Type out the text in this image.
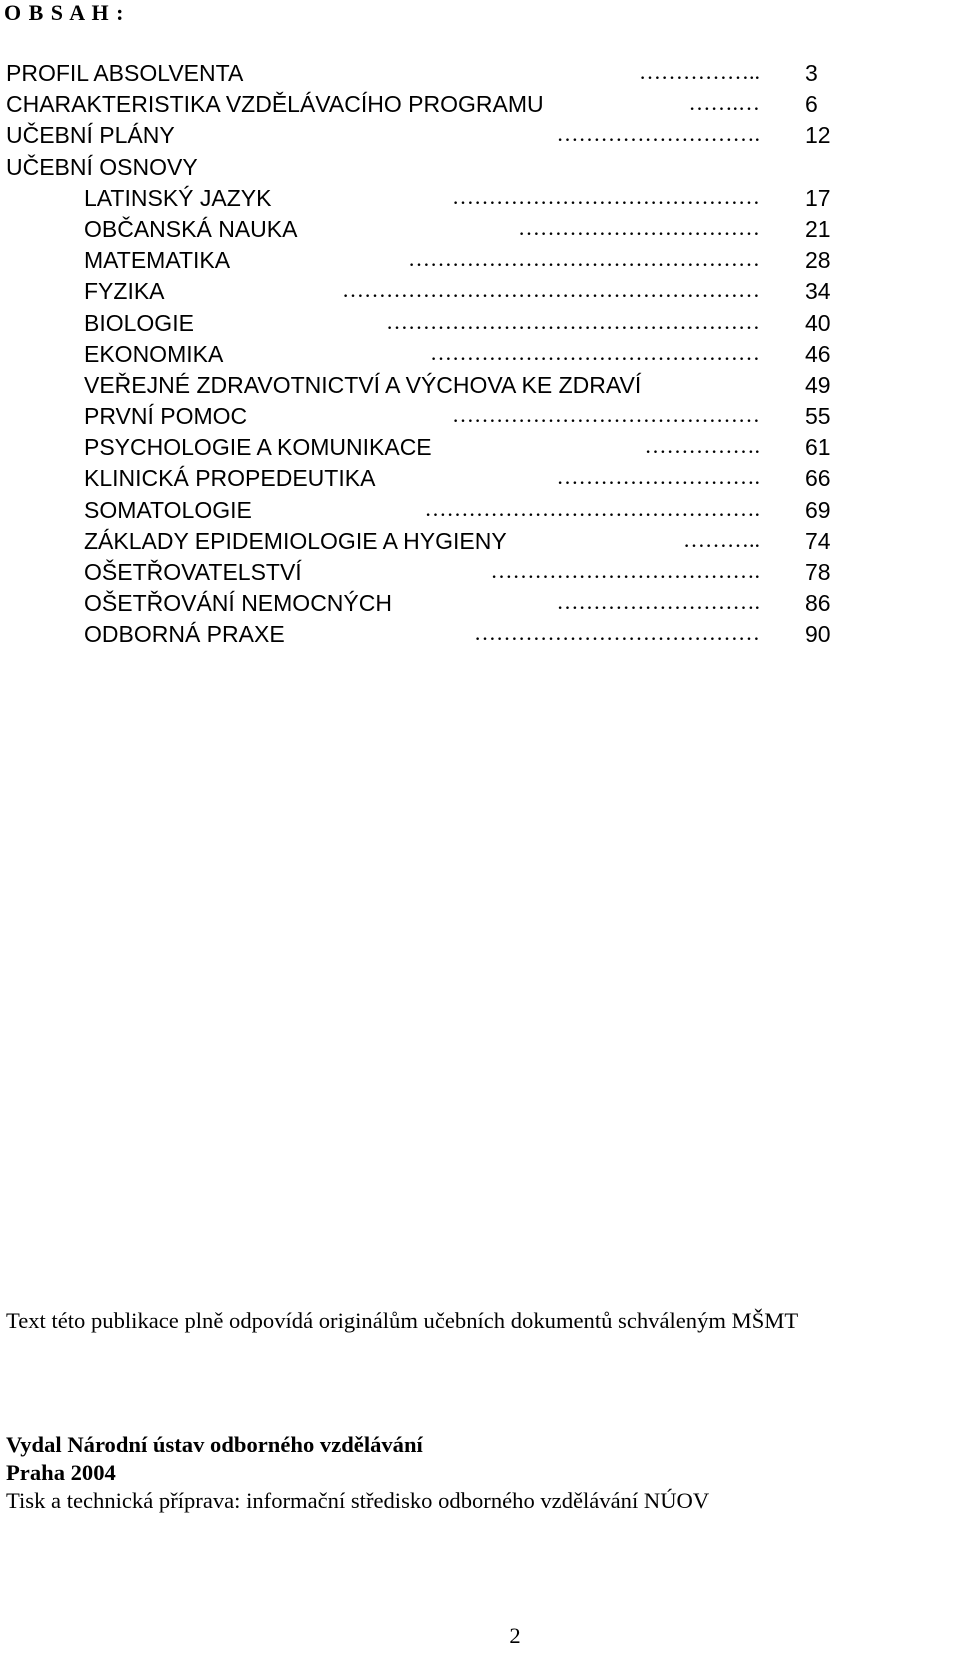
O B S A H :
PROFIL ABSOLVENTA	…………….. 3
CHARAKTERISTIKA VZDĚLÁVACÍHO PROGRAMU	…….… 6
UČEBNÍ PLÁNY	………………………. 12
UČEBNÍ OSNOVY
LATINSKÝ JAZYK	…………………………………… 17
OBČANSKÁ NAUKA	…………………………… 21
MATEMATIKA	………………………………………… 28
FYZIKA	………………………………………………… 34
BIOLOGIE	…………………………………………… 40
EKONOMIKA	……………………………………… 46
VEŘEJNÉ ZDRAVOTNICTVÍ A VÝCHOVA KE ZDRAVÍ	49
PRVNÍ POMOC	…………………………………… 55
PSYCHOLOGIE A KOMUNIKACE	……………. 61
KLINICKÁ PROPEDEUTIKA	………………………. 66
SOMATOLOGIE	………………………………………. 69
ZÁKLADY EPIDEMIOLOGIE A HYGIENY	……….. 74
OŠETŘOVATELSTVÍ	………………………………. 78
OŠETŘOVÁNÍ NEMOCNÝCH	………………………. 86
ODBORNÁ PRAXE	………………………………… 90
Text této publikace plně odpovídá originálům učebních dokumentů schváleným MŠMT
Vydal Národní ústav odborného vzdělávání
Praha 2004
Tisk a technická příprava: informační středisko odborného vzdělávání NÚOV
2
